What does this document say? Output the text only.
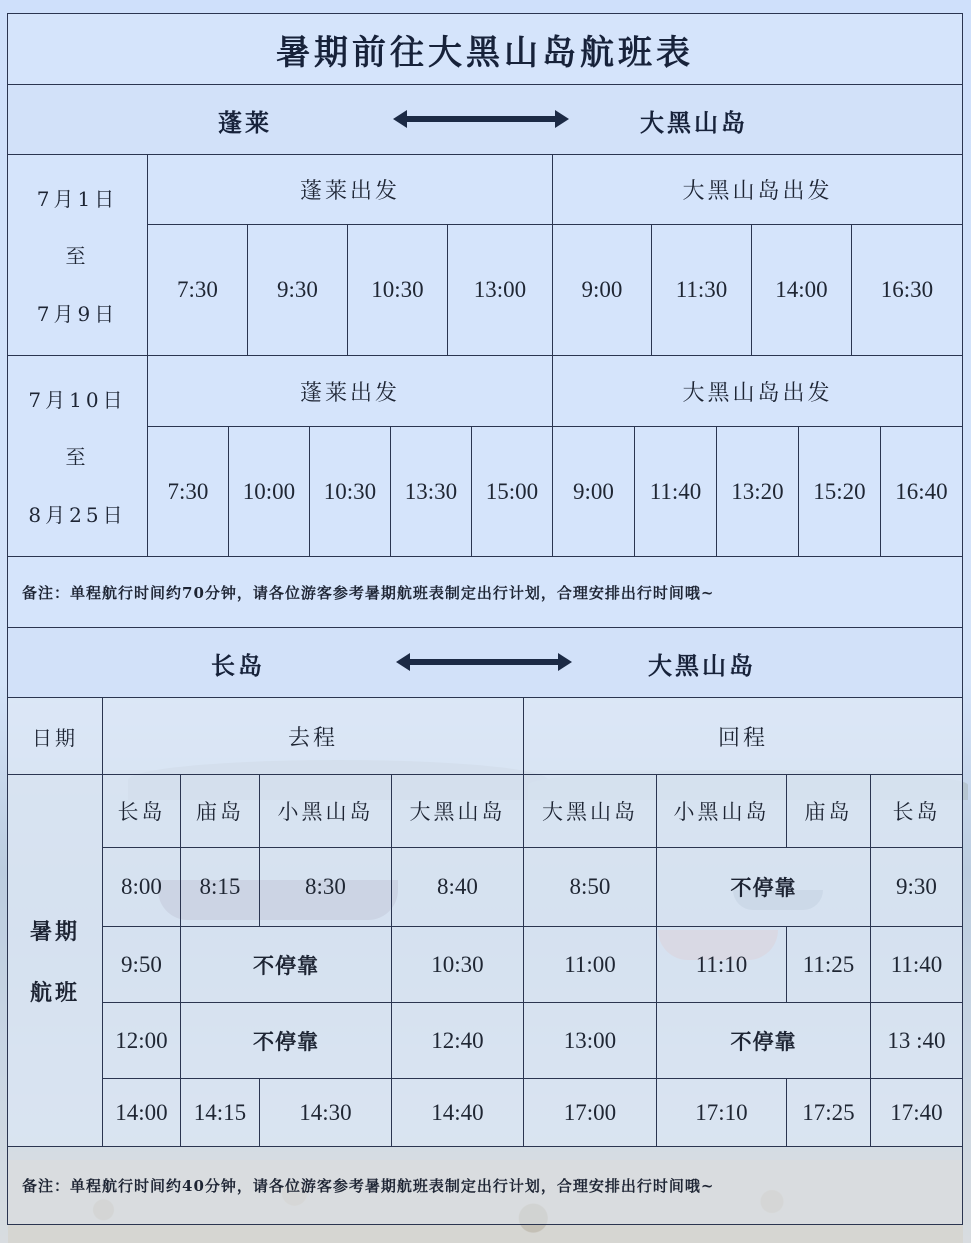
暑期前往大黑山岛航班表
蓬莱	大黑山岛
7月1日
至
7月9日
蓬莱出发	大黑山岛出发
7:30	9:30	10:30	13:00	9:00	11:30	14:00	16:30
7月10日
至
8月25日
蓬莱出发	大黑山岛出发
7:30	10:00	10:30	13:30	15:00	9:00	11:40	13:20	15:20	16:40
备注：单程航行时间约70分钟，请各位游客参考暑期航班表制定出行计划，合理安排出行时间哦~
长岛	大黑山岛
日期	去程	回程
暑期
航班
长岛	庙岛	小黑山岛	大黑山岛	大黑山岛	小黑山岛	庙岛	长岛
8:00	8:15	8:30	8:40	8:50	不停靠	9:30
9:50	不停靠	10:30	11:00	11:10	11:25	11:40
12:00	不停靠	12:40	13:00	不停靠	13 :40
14:00	14:15	14:30	14:40	17:00	17:10	17:25	17:40
备注：单程航行时间约40分钟，请各位游客参考暑期航班表制定出行计划，合理安排出行时间哦~
